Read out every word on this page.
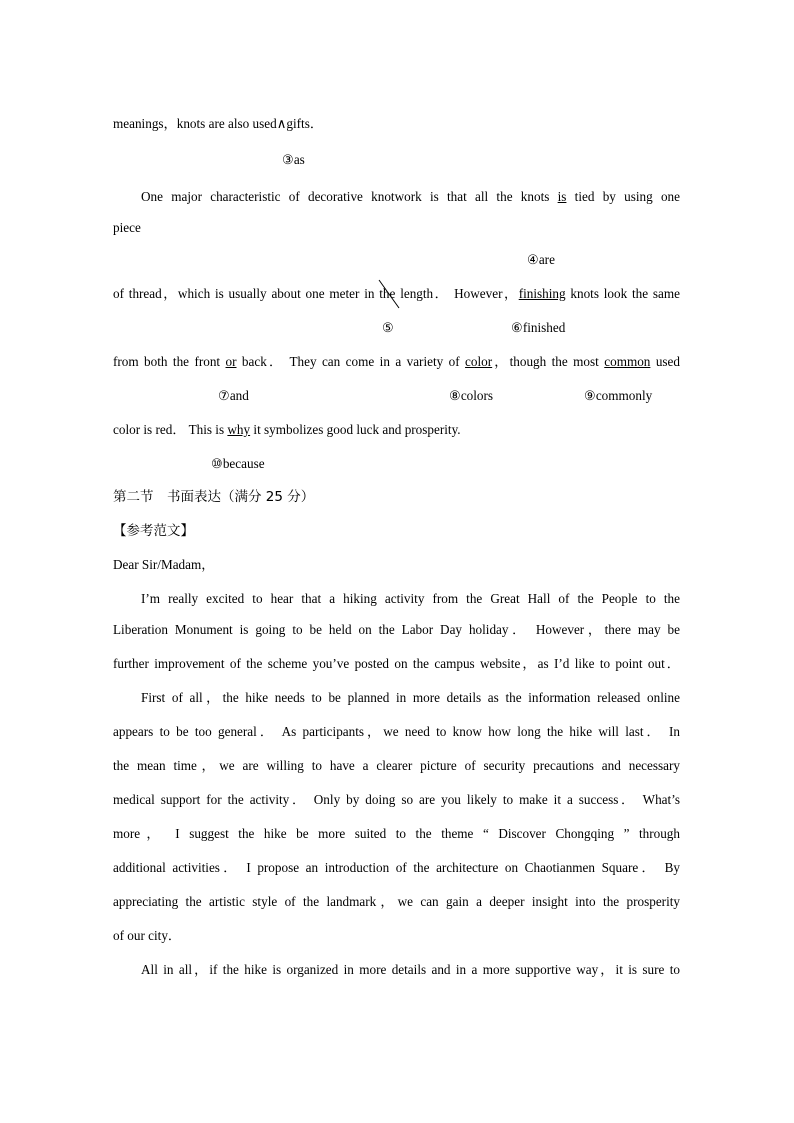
meanings，knots are also used∧gifts．
③as
One major characteristic of decorative knotwork is that all the knots is tied by using one
piece
④are
of thread，which is usually about one meter in the
length． However，finishing knots look the same
⑤	⑥finished
from both the front or back． They can come in a variety of color，though the most common used
⑦and	⑧colors	⑨commonly
color is red． This is why it symbolizes good luck and prosperity.
⑩because
第二节　书面表达（满分 25 分）
【参考范文】
Dear Sir/Madam，
I’m really excited to hear that a hiking activity from the Great Hall of the People to the
Liberation Monument is going to be held on the Labor Day holiday． However，there may be
further improvement of the scheme you’ve posted on the campus website，as I’d like to point out．
First of all，the hike needs to be planned in more details as the information released online
appears to be too general． As participants，we need to know how long the hike will last． In
the mean time，we are willing to have a clearer picture of security precautions and necessary
medical support for the activity． Only by doing so are you likely to make it a success． What’s
more， I suggest the hike be more suited to the theme “ Discover Chongqing ” through
additional activities． I propose an introduction of the architecture on Chaotianmen Square． By
appreciating the artistic style of the landmark，we can gain a deeper insight into the prosperity
of our city．
All in all，if the hike is organized in more details and in a more supportive way，it is sure to
